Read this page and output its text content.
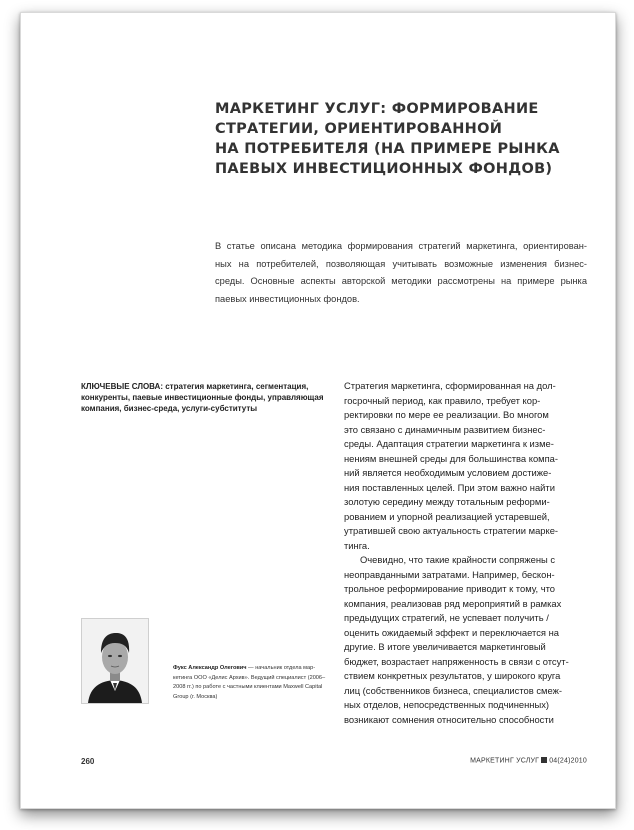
МАРКЕТИНГ УСЛУГ: ФОРМИРОВАНИЕ
СТРАТЕГИИ, ОРИЕНТИРОВАННОЙ
НА ПОТРЕБИТЕЛЯ (НА ПРИМЕРЕ РЫНКА
ПАЕВЫХ ИНВЕСТИЦИОННЫХ ФОНДОВ)

В статье описана методика формирования стратегий маркетинга, ориентирован-
ных на потребителей, позволяющая учитывать возможные изменения бизнес-
среды. Основные аспекты авторской методики рассмотрены на примере рынка
паевых инвестиционных фондов.

КЛЮЧЕВЫЕ СЛОВА: стратегия маркетинга, сегментация,
конкуренты, паевые инвестиционные фонды, управляющая
компания, бизнес-среда, услуги-субституты

Стратегия маркетинга, сформированная на дол-
госрочный период, как правило, требует кор-
ректировки по мере ее реализации. Во многом
это связано с динамичным развитием бизнес-
среды. Адаптация стратегии маркетинга к изме-
нениям внешней среды для большинства компа-
ний является необходимым условием достиже-
ния поставленных целей. При этом важно найти
золотую середину между тотальным реформи-
рованием и упорной реализацией устаревшей,
утратившей свою актуальность стратегии марке-
тинга.
Очевидно, что такие крайности сопряжены с
неоправданными затратами. Например, бескон-
трольное реформирование приводит к тому, что
компания, реализовав ряд мероприятий в рамках
предыдущих стратегий, не успевает получить /
оценить ожидаемый эффект и переключается на
другие. В итоге увеличивается маркетинговый
бюджет, возрастает напряженность в связи с отсут-
ствием конкретных результатов, у широкого круга
лиц (собственников бизнеса, специалистов смеж-
ных отделов, непосредственных подчиненных)
возникают сомнения относительно способности

Фукс Александр Олегович — начальник отдела мар-
кетинга ООО «Делис Архив». Ведущий специалист (2006–
2008 гг.) по работе с частными клиентами Maxwell Capital
Group (г. Москва)

260	МАРКЕТИНГ УСЛУГ 04(24)2010
